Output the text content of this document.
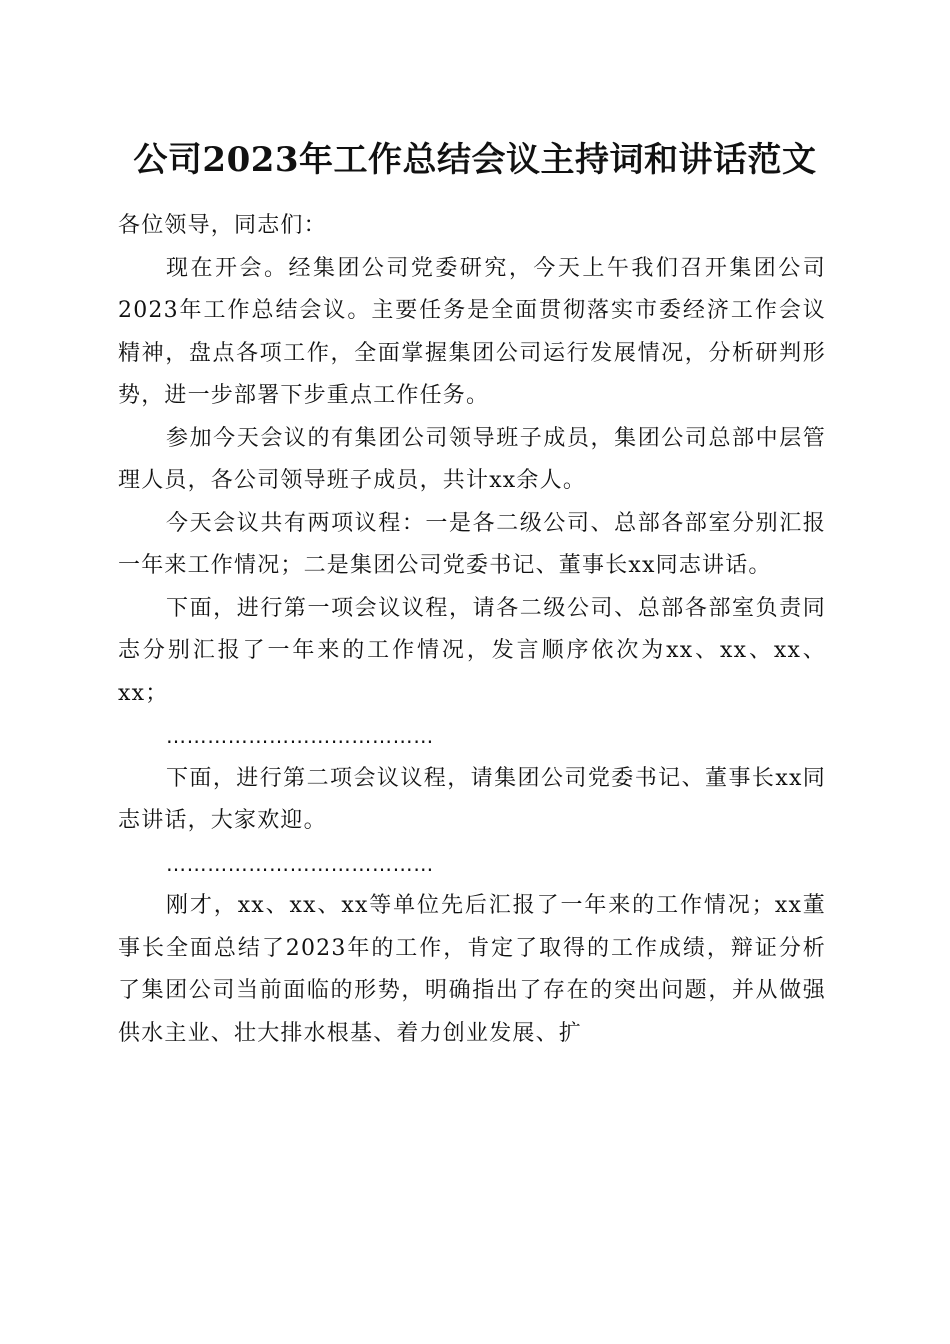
公司2023年工作总结会议主持词和讲话范文

各位领导，同志们：

现在开会。经集团公司党委研究，今天上午我们召开集团公司2023年工作总结会议。主要任务是全面贯彻落实市委经济工作会议精神，盘点各项工作，全面掌握集团公司运行发展情况，分析研判形势，进一步部署下步重点工作任务。

参加今天会议的有集团公司领导班子成员，集团公司总部中层管理人员，各公司领导班子成员，共计xx余人。

今天会议共有两项议程：一是各二级公司、总部各部室分别汇报一年来工作情况；二是集团公司党委书记、董事长xx同志讲话。

下面，进行第一项会议议程，请各二级公司、总部各部室负责同志分别汇报了一年来的工作情况，发言顺序依次为xx、xx、xx、xx；

…………………………………

下面，进行第二项会议议程，请集团公司党委书记、董事长xx同志讲话，大家欢迎。

…………………………………

刚才，xx、xx、xx等单位先后汇报了一年来的工作情况；xx董事长全面总结了2023年的工作，肯定了取得的工作成绩，辩证分析了集团公司当前面临的形势，明确指出了存在的突出问题，并从做强供水主业、壮大排水根基、着力创业发展、扩
